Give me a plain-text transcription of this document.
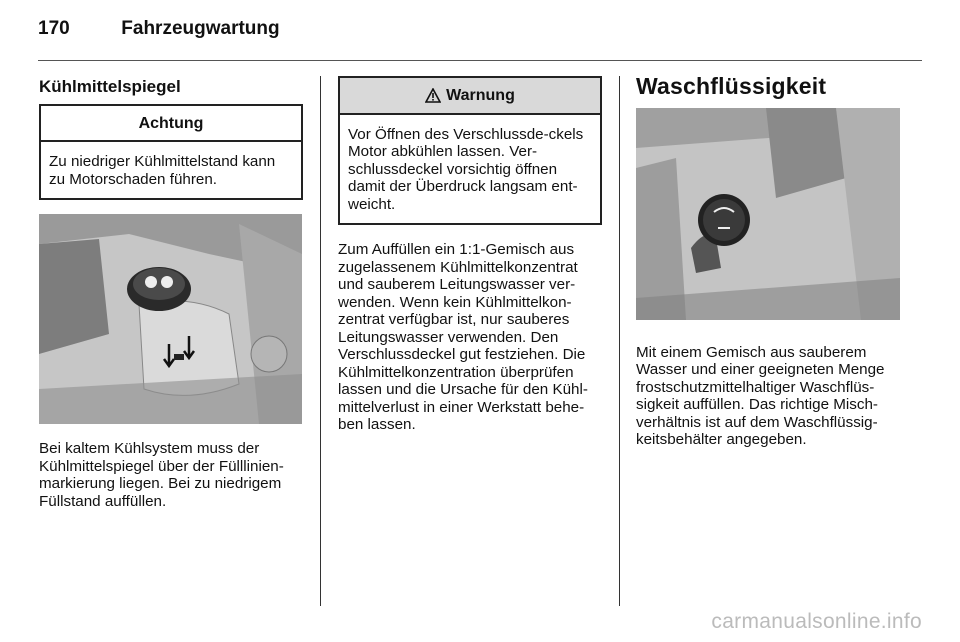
170	Fahrzeugwartung
Kühlmittelspiegel
Achtung
Zu niedriger Kühlmittelstand kann zu Motorschaden führen.

Bei kaltem Kühlsystem muss der Kühlmittelspiegel über der Fülllinien-markierung liegen. Bei zu niedrigem Füllstand auffüllen.

Warnung
Vor Öffnen des Verschlussde-ckels Motor abkühlen lassen. Ver-schlussdeckel vorsichtig öffnen damit der Überdruck langsam ent-weicht.

Zum Auffüllen ein 1:1-Gemisch aus zugelassenem Kühlmittelkonzentrat und sauberem Leitungswasser ver-wenden. Wenn kein Kühlmittelkon-zentrat verfügbar ist, nur sauberes Leitungswasser verwenden. Den Verschlussdeckel gut festziehen. Die Kühlmittelkonzentration überprüfen lassen und die Ursache für den Kühl-mittelverlust in einer Werkstatt behe-ben lassen.

Waschflüssigkeit

Mit einem Gemisch aus sauberem Wasser und einer geeigneten Menge frostschutzmittelhaltiger Waschflüs-sigkeit auffüllen. Das richtige Misch-verhältnis ist auf dem Waschflüssig-keitsbehälter angegeben.

carmanualsonline.info
